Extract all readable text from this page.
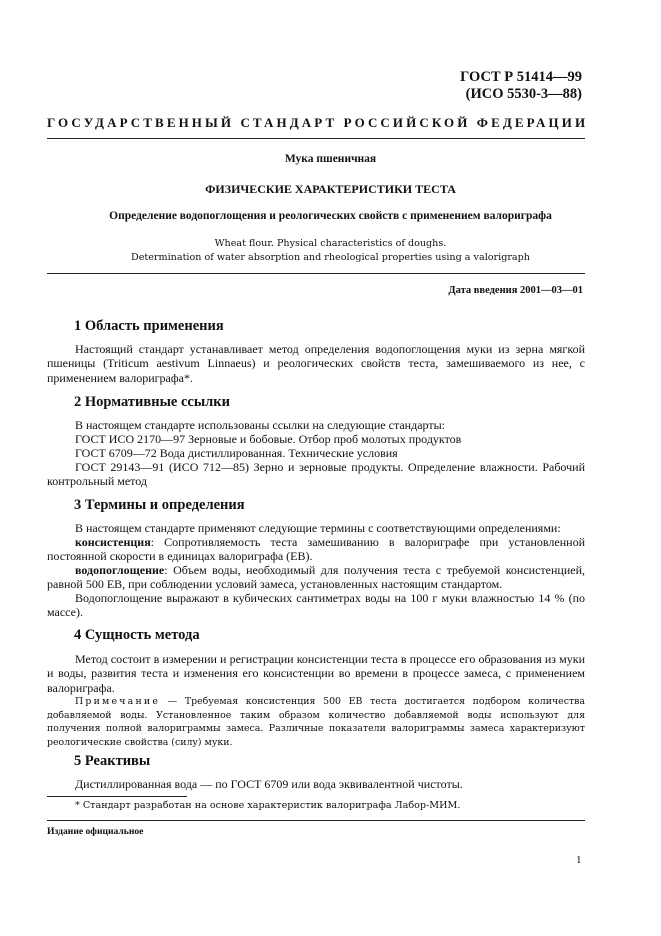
ГОСТ Р 51414—99
(ИСО 5530-3—88)
ГОСУДАРСТВЕННЫЙ СТАНДАРТ РОССИЙСКОЙ ФЕДЕРАЦИИ
Мука пшеничная
ФИЗИЧЕСКИЕ ХАРАКТЕРИСТИКИ ТЕСТА
Определение водопоглощения и реологических свойств с применением валориграфа
Wheat flour. Physical characteristics of doughs.
Determination of water absorption and rheological properties using a valorigraph
Дата введения 2001—03—01
1 Область применения

Настоящий стандарт устанавливает метод определения водопоглощения муки из зерна мягкой пшеницы (Triticum aestivum Linnaeus) и реологических свойств теста, замешиваемого из нее, с применением валориграфа*.

2 Нормативные ссылки
В настоящем стандарте использованы ссылки на следующие стандарты:
ГОСТ ИСО 2170—97 Зерновые и бобовые. Отбор проб молотых продуктов
ГОСТ 6709—72 Вода дистиллированная. Технические условия

ГОСТ 29143—91 (ИСО 712—85) Зерно и зерновые продукты. Определение влажности. Рабочий контрольный метод

3 Термины и определения
В настоящем стандарте применяют следующие термины с соответствующими определениями:

консистенция: Сопротивляемость теста замешиванию в валориграфе при установленной постоянной скорости в единицах валориграфа (ЕВ).

водопоглощение: Объем воды, необходимый для получения теста с требуемой консистенцией, равной 500 ЕВ, при соблюдении условий замеса, установленных настоящим стандартом.

Водопоглощение выражают в кубических сантиметрах воды на 100 г муки влажностью 14 % (по массе).

4 Сущность метода

Метод состоит в измерении и регистрации консистенции теста в процессе его образования из муки и воды, развития теста и изменения его консистенции во времени в процессе замеса, с применением валориграфа.

Примечание — Требуемая консистенция 500 ЕВ теста достигается подбором количества добавляемой воды. Установленное таким образом количество добавляемой воды используют для получения полной валориграммы замеса. Различные показатели валориграммы замеса характеризуют реологические свойства (силу) муки.

5 Реактивы
Дистиллированная вода — по ГОСТ 6709 или вода эквивалентной чистоты.
* Стандарт разработан на основе характеристик валориграфа Лабор-МИМ.
Издание официальное
1
